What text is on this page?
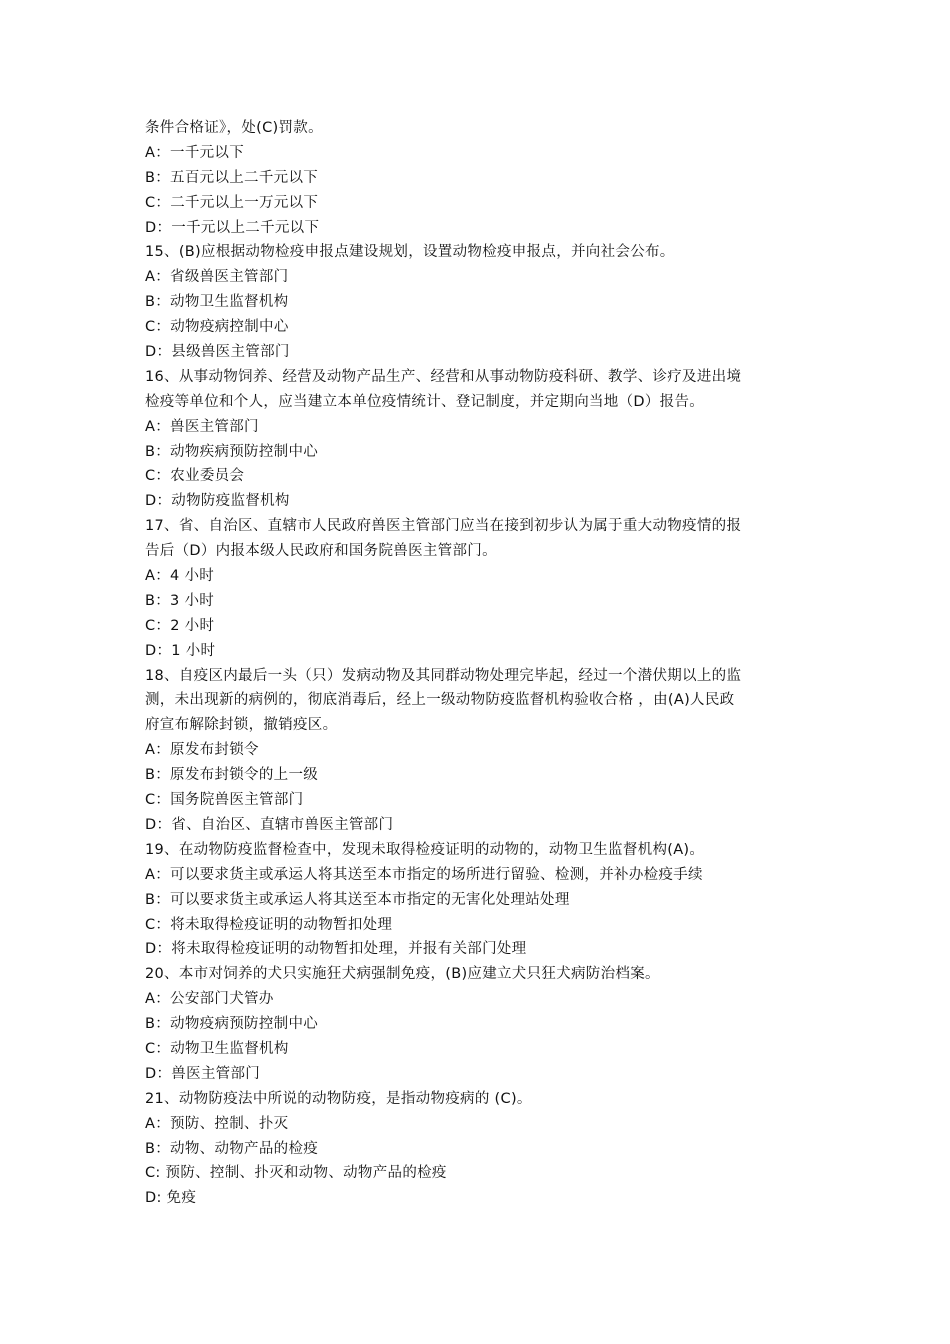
条件合格证》，处(C)罚款。
A：一千元以下
B：五百元以上二千元以下
C：二千元以上一万元以下
D：一千元以上二千元以下
15、(B)应根据动物检疫申报点建设规划，设置动物检疫申报点，并向社会公布。
A：省级兽医主管部门
B：动物卫生监督机构
C：动物疫病控制中心
D：县级兽医主管部门
16、从事动物饲养、经营及动物产品生产、经营和从事动物防疫科研、教学、诊疗及进出境
检疫等单位和个人，应当建立本单位疫情统计、登记制度，并定期向当地（D）报告。
A：兽医主管部门
B：动物疾病预防控制中心
C：农业委员会
D：动物防疫监督机构
17、省、自治区、直辖市人民政府兽医主管部门应当在接到初步认为属于重大动物疫情的报
告后（D）内报本级人民政府和国务院兽医主管部门。
A：4 小时
B：3 小时
C：2 小时
D：1 小时
18、自疫区内最后一头（只）发病动物及其同群动物处理完毕起，经过一个潜伏期以上的监
测，未出现新的病例的，彻底消毒后，经上一级动物防疫监督机构验收合格 ，由(A)人民政
府宣布解除封锁，撤销疫区。
A：原发布封锁令
B：原发布封锁令的上一级
C：国务院兽医主管部门
D：省、自治区、直辖市兽医主管部门
19、在动物防疫监督检查中，发现未取得检疫证明的动物的，动物卫生监督机构(A)。
A：可以要求货主或承运人将其送至本市指定的场所进行留验、检测，并补办检疫手续
B：可以要求货主或承运人将其送至本市指定的无害化处理站处理
C：将未取得检疫证明的动物暂扣处理
D：将未取得检疫证明的动物暂扣处理，并报有关部门处理
20、本市对饲养的犬只实施狂犬病强制免疫，(B)应建立犬只狂犬病防治档案。
A：公安部门犬管办
B：动物疫病预防控制中心
C：动物卫生监督机构
D：兽医主管部门
21、动物防疫法中所说的动物防疫，是指动物疫病的 (C)。
A：预防、控制、扑灭
B：动物、动物产品的检疫
C: 预防、控制、扑灭和动物、动物产品的检疫
D: 免疫
